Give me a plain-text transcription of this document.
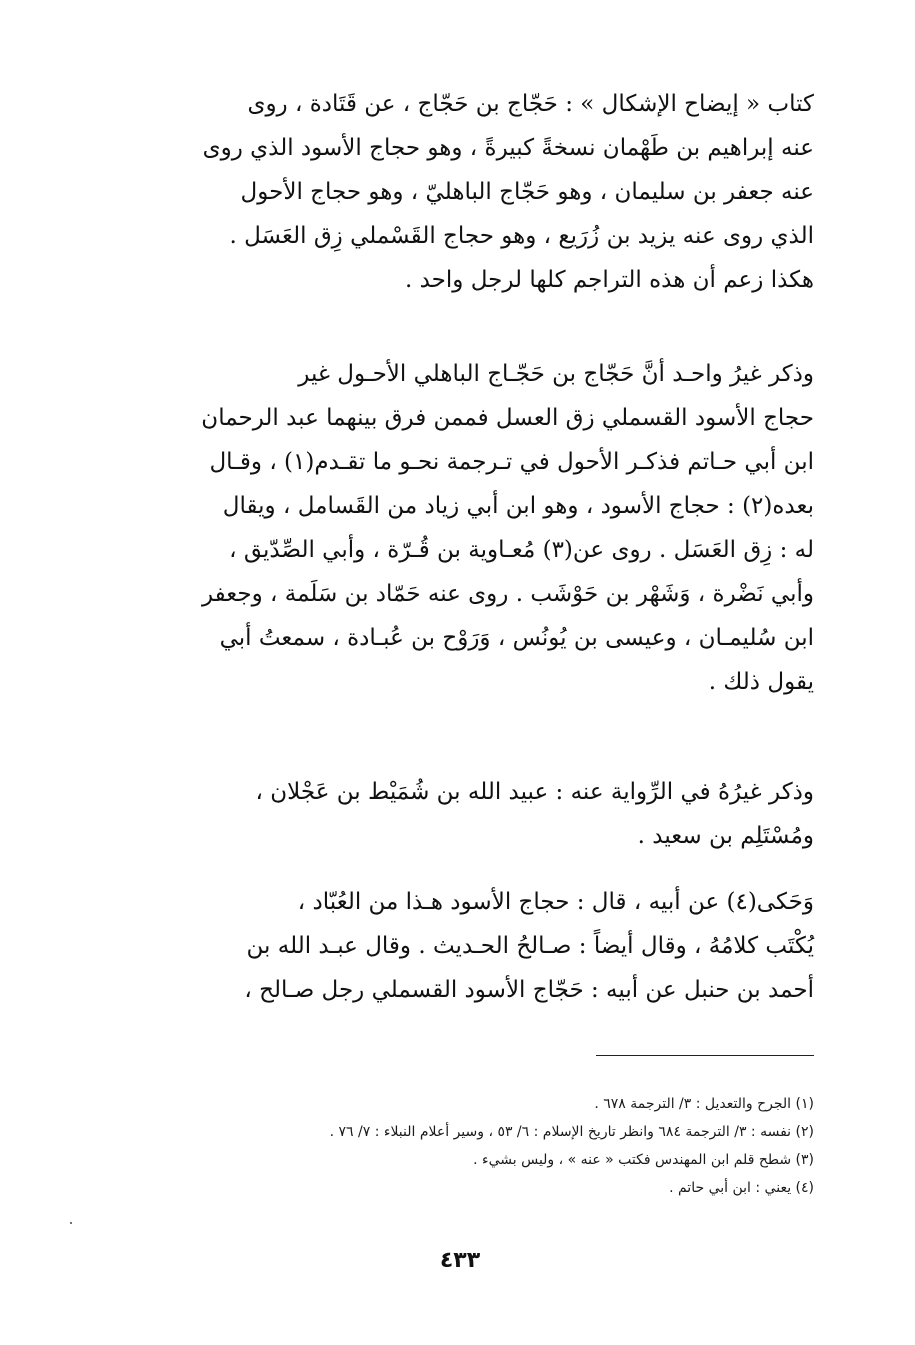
كتاب « إيضاح الإشكال » : حَجّاج بن حَجّاج ، عن قَتَادة ، روى
عنه إبراهيم بن طَهْمان نسخةً كبيرةً ، وهو حجاج الأسود الذي روى
عنه جعفر بن سليمان ، وهو حَجّاج الباهليّ ، وهو حجاج الأحول
الذي روى عنه يزيد بن زُرَيع ، وهو حجاج القَسْملي زِق العَسَل .
هكذا زعم أن هذه التراجم كلها لرجل واحد .
وذكر غيرُ واحـد أنَّ حَجّاج بن حَجّـاج الباهلي الأحـول غير
حجاج الأسود القسملي زق العسل فممن فرق بينهما عبد الرحمان
ابن أبي حـاتم فذكـر الأحول في تـرجمة نحـو ما تقـدم(١) ، وقـال
بعده(٢) : حجاج الأسود ، وهو ابن أبي زياد من القَسامل ، ويقال
له : زِق العَسَل . روى عن(٣) مُعـاوية بن قُـرّة ، وأبي الصِّدّيق ،
وأبي نَضْرة ، وَشَهْر بن حَوْشَب . روى عنه حَمّاد بن سَلَمة ، وجعفر
ابن سُليمـان ، وعيسى بن يُونُس ، وَرَوْح بن عُبـادة ، سمعتُ أبي
يقول ذلك .
وذكر غيرُهُ في الرِّواية عنه : عبيد الله بن شُمَيْط بن عَجْلان ،
ومُسْتَلِم بن سعيد .
وَحَكى(٤) عن أبيه ، قال : حجاج الأسود هـذا من العُبّاد ،
يُكْتَب كلامُهُ ، وقال أيضاً : صـالحُ الحـديث . وقال عبـد الله بن
أحمد بن حنبل عن أبيه : حَجّاج الأسود القسملي رجل صـالح ،
(١) الجرح والتعديل : ٣/ الترجمة ٦٧٨ .
(٢) نفسه : ٣/ الترجمة ٦٨٤ وانظر تاريخ الإسلام : ٦/ ٥٣ ، وسير أعلام النبلاء : ٧/ ٧٦ .
(٣) شطح قلم ابن المهندس فكتب « عنه » ، وليس بشيء .
(٤) يعني : ابن أبي حاتم .
٤٣٣
